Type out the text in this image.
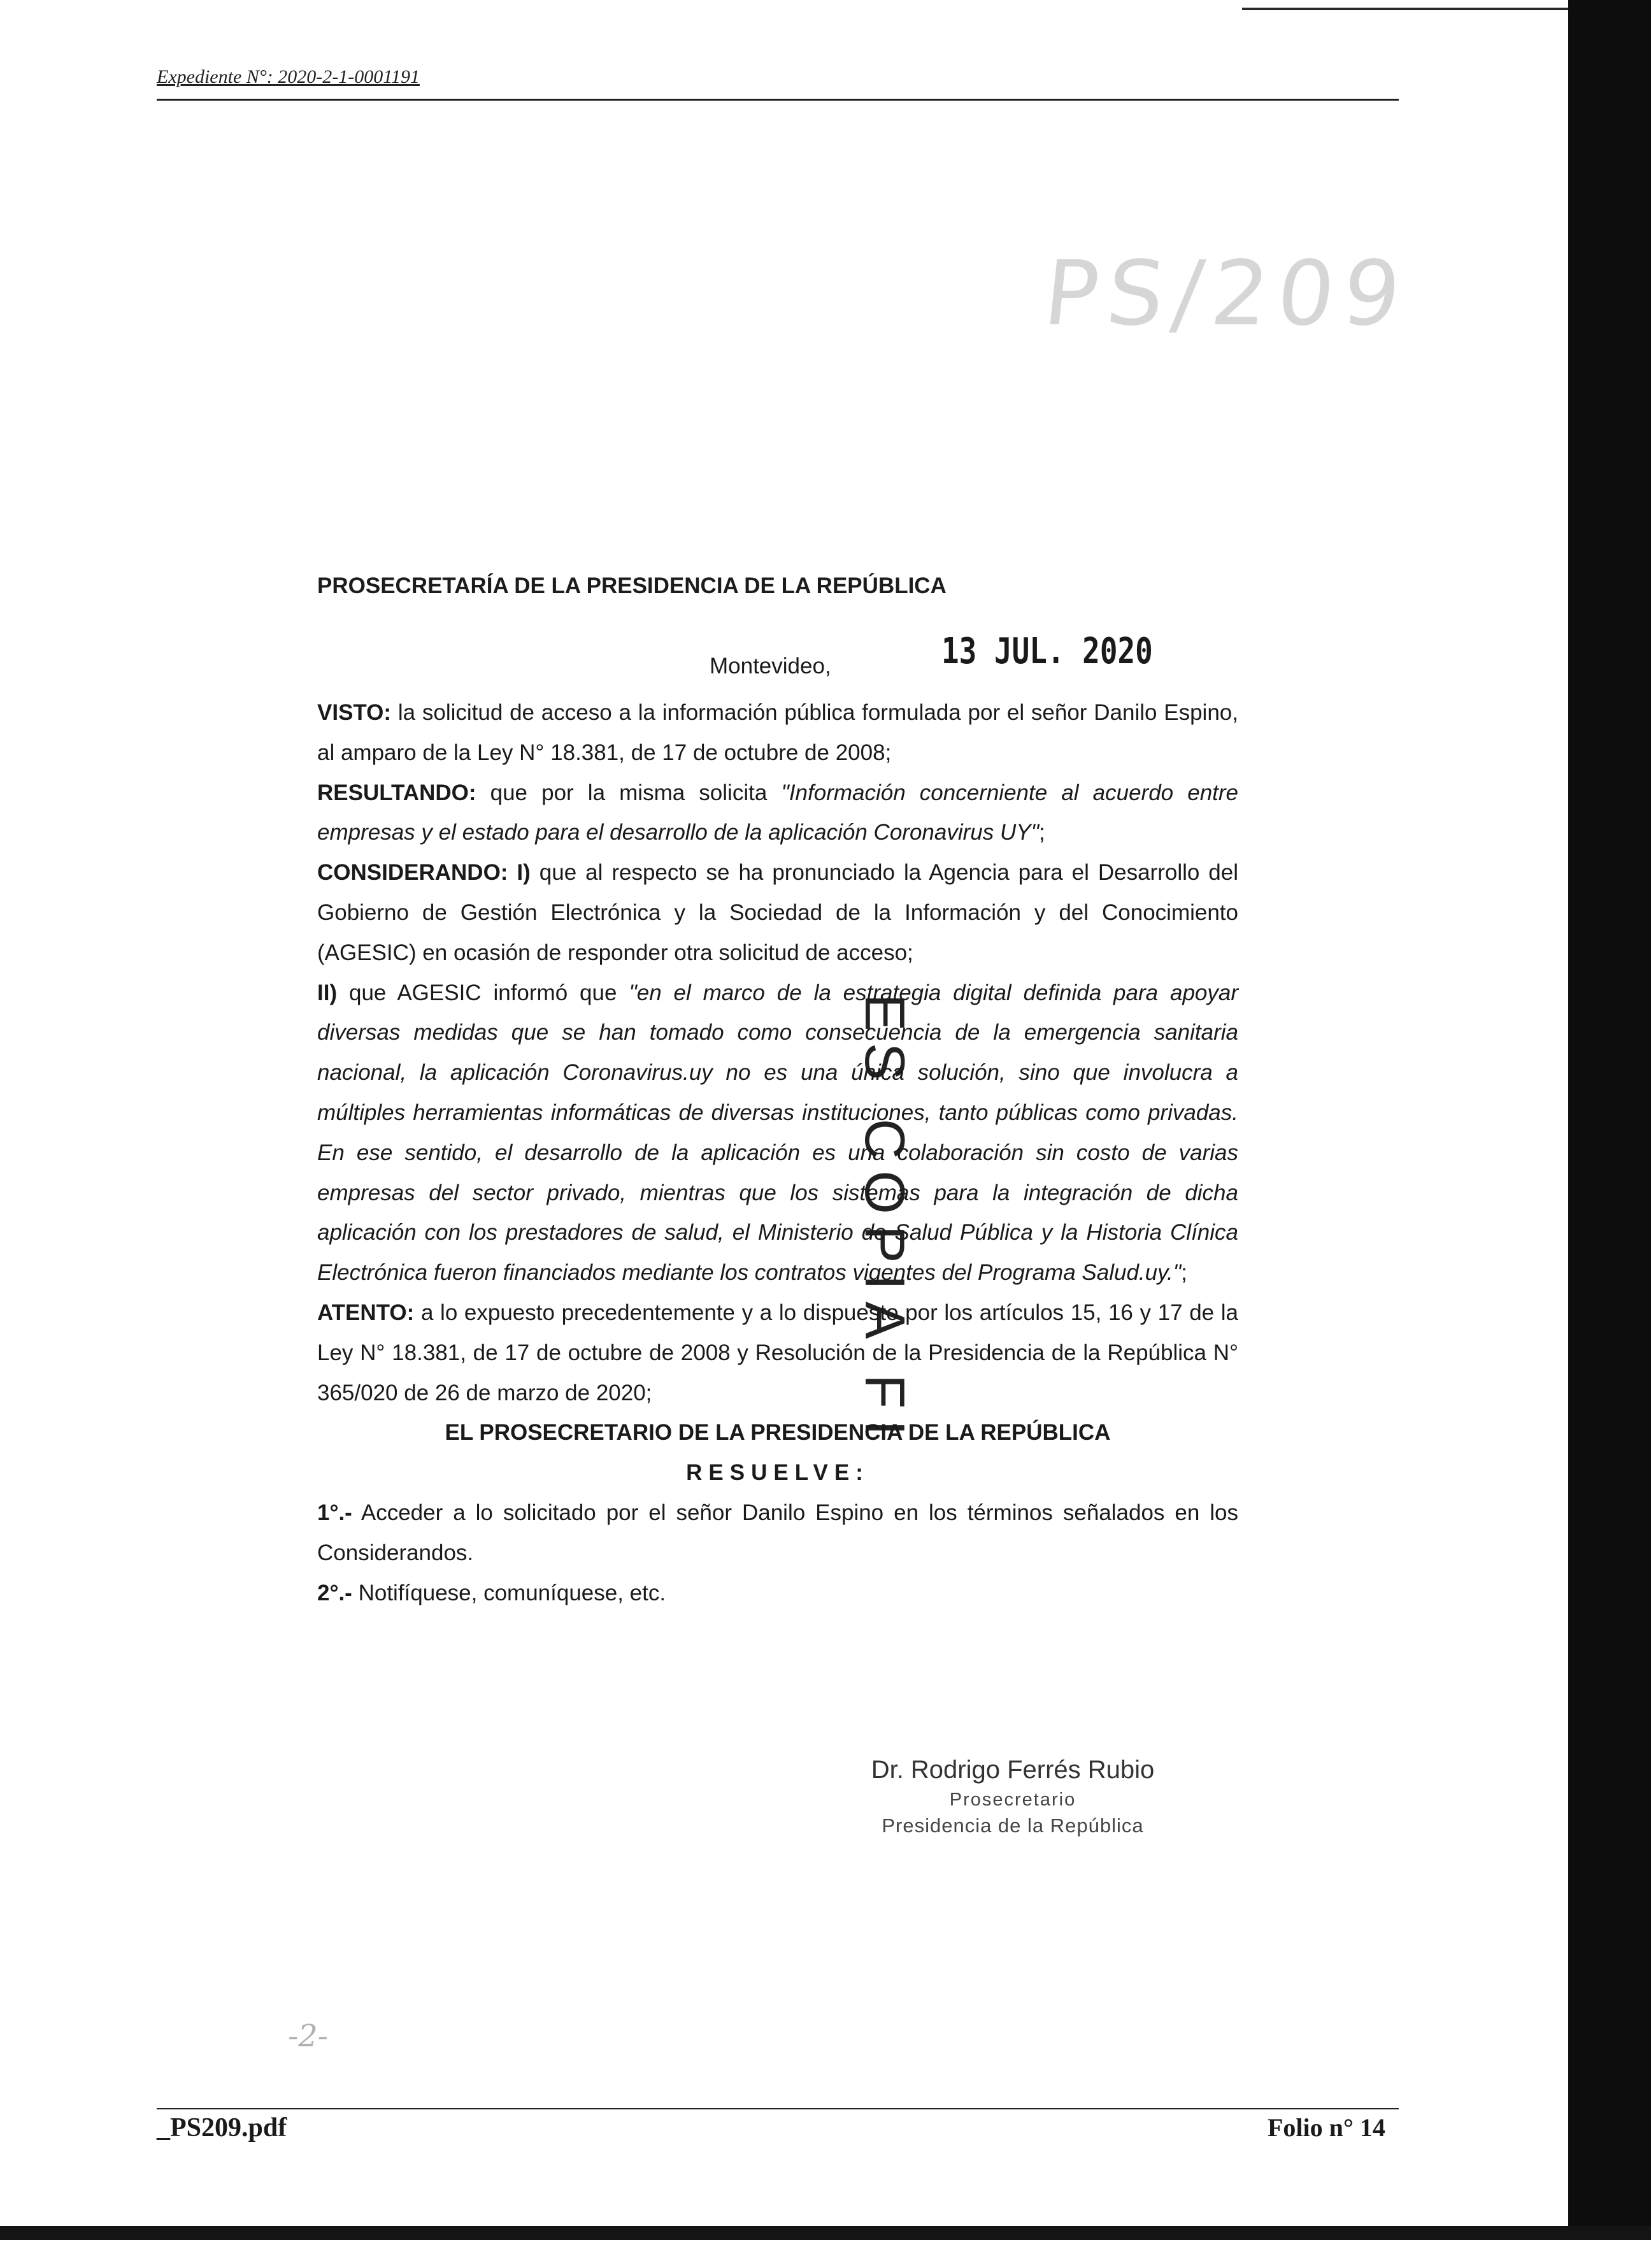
Expediente N°: 2020-2-1-0001191
PS/209
ES COPIA FI
PROSECRETARÍA DE LA PRESIDENCIA DE LA REPÚBLICA
Montevideo,	13 JUL. 2020

VISTO: la solicitud de acceso a la información pública formulada por el señor Danilo Espino, al amparo de la Ley N° 18.381, de 17 de octubre de 2008;

RESULTANDO: que por la misma solicita "Información concerniente al acuerdo entre empresas y el estado para el desarrollo de la aplicación Coronavirus UY";

CONSIDERANDO: I) que al respecto se ha pronunciado la Agencia para el Desarrollo del Gobierno de Gestión Electrónica y la Sociedad de la Información y del Conocimiento (AGESIC) en ocasión de responder otra solicitud de acceso;

II) que AGESIC informó que "en el marco de la estrategia digital definida para apoyar diversas medidas que se han tomado como consecuencia de la emergencia sanitaria nacional, la aplicación Coronavirus.uy no es una única solución, sino que involucra a múltiples herramientas informáticas de diversas instituciones, tanto públicas como privadas. En ese sentido, el desarrollo de la aplicación es una colaboración sin costo de varias empresas del sector privado, mientras que los sistemas para la integración de dicha aplicación con los prestadores de salud, el Ministerio de Salud Pública y la Historia Clínica Electrónica fueron financiados mediante los contratos vigentes del Programa Salud.uy.";

ATENTO: a lo expuesto precedentemente y a lo dispuesto por los artículos 15, 16 y 17 de la Ley N° 18.381, de 17 de octubre de 2008 y Resolución de la Presidencia de la República N° 365/020 de 26 de marzo de 2020;

EL PROSECRETARIO DE LA PRESIDENCIA DE LA REPÚBLICA

RESUELVE:

1°.- Acceder a lo solicitado por el señor Danilo Espino en los términos señalados en los Considerandos.

2°.- Notifíquese, comuníquese, etc.

Dr. Rodrigo Ferrés Rubio
Prosecretario
Presidencia de la República
-2-
_PS209.pdf	Folio n° 14
